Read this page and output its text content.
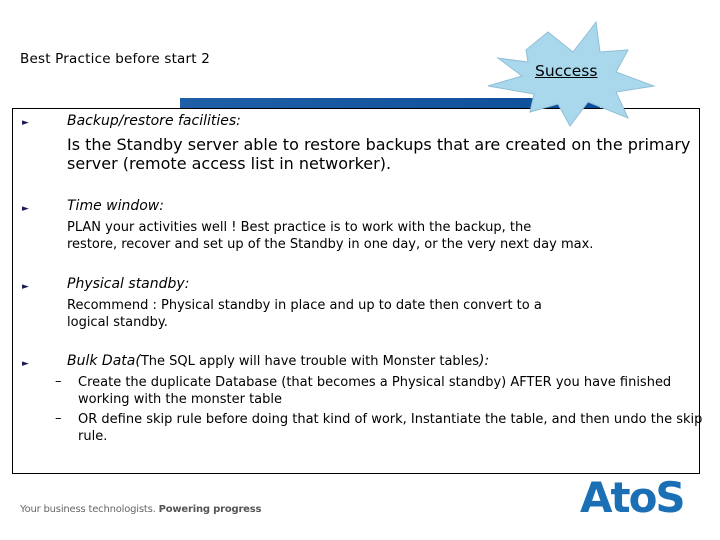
Best Practice before start 2
Success
►	Backup/restore facilities:
Is the Standby server able to restore backups that are created on the primary server (remote access list in networker).
►	Time window:
PLAN your activities well ! Best practice is to work with the backup, the
restore, recover and set up of the Standby in one day, or the very next day max.
►	Physical standby:
Recommend : Physical standby in place and up to date then convert to a
logical standby.
►	Bulk Data(The SQL apply will have trouble with Monster tables):
– Create the duplicate Database (that becomes a Physical standby) AFTER you have finished working with the monster table
– OR define skip rule before doing that kind of work, Instantiate the table, and then undo the skip rule.
Your business technologists. Powering progress	AtoS
